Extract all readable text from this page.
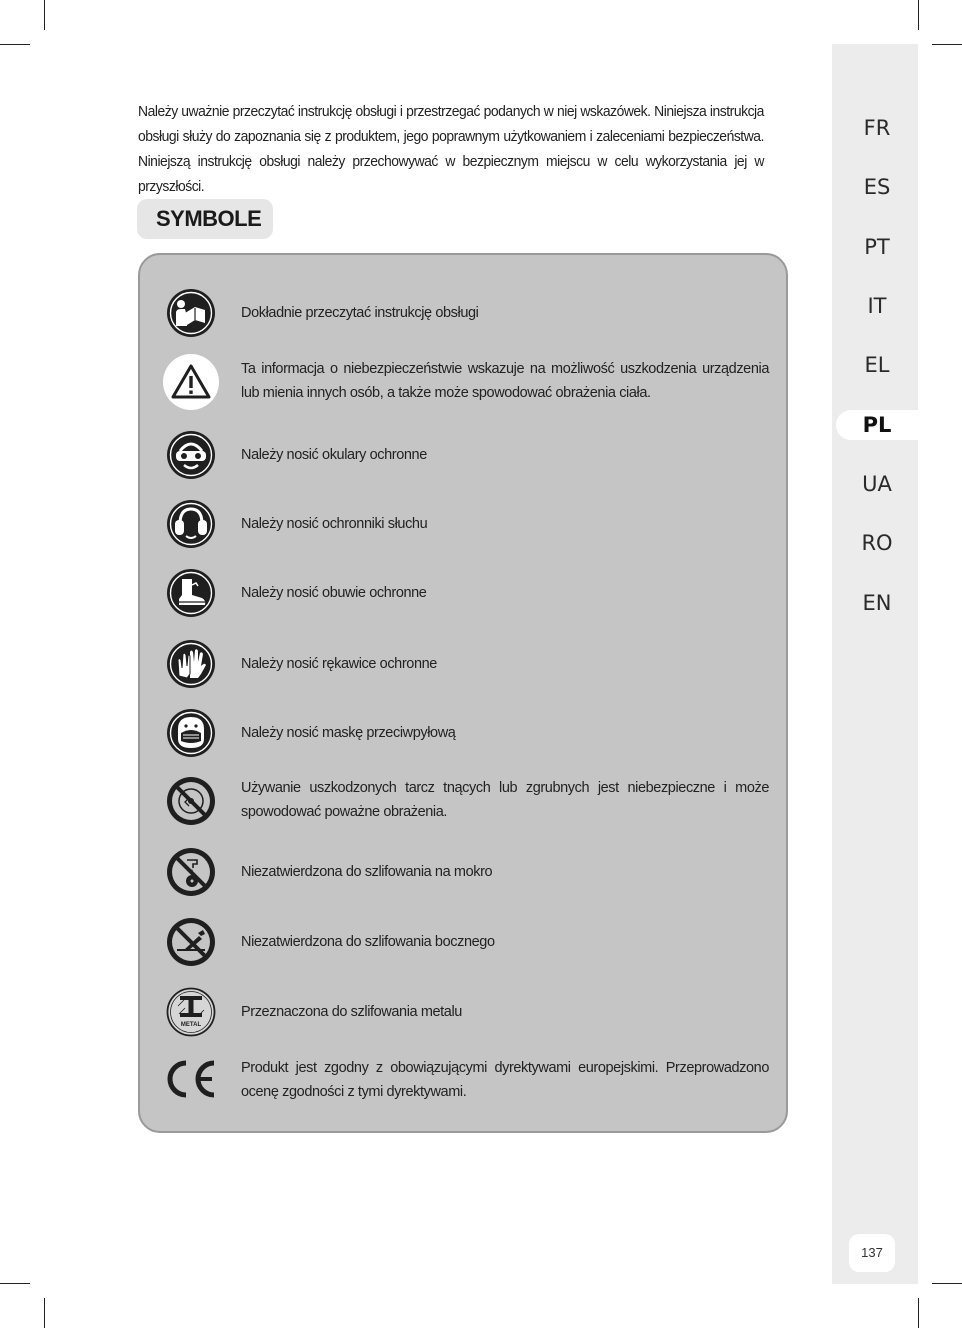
FR
ES
PT
IT
EL
PL
UA
RO
EN
137
Należy uważnie przeczytać instrukcję obsługi i przestrzegać podanych w niej wskazówek. Niniejsza instrukcja obsługi służy do zapoznania się z produktem, jego poprawnym użytkowaniem i zaleceniami bezpieczeństwa. Niniejszą instrukcję obsługi należy przechowywać w bezpiecznym miejscu w celu wykorzystania jej w przyszłości.
SYMBOLE
Dokładnie przeczytać instrukcję obsługi
Ta informacja o niebezpieczeństwie wskazuje na możliwość uszkodzenia urządzenia lub mienia innych osób, a także może spowodować obrażenia ciała.
Należy nosić okulary ochronne
Należy nosić ochronniki słuchu
Należy nosić obuwie ochronne
Należy nosić rękawice ochronne
Należy nosić maskę przeciwpyłową
Używanie uszkodzonych tarcz tnących lub zgrubnych jest niebezpieczne i może spowodować poważne obrażenia.
Niezatwierdzona do szlifowania na mokro
Niezatwierdzona do szlifowania bocznego
METAL
Przeznaczona do szlifowania metalu
Produkt jest zgodny z obowiązującymi dyrektywami europejskimi. Przeprowadzono ocenę zgodności z tymi dyrektywami.
